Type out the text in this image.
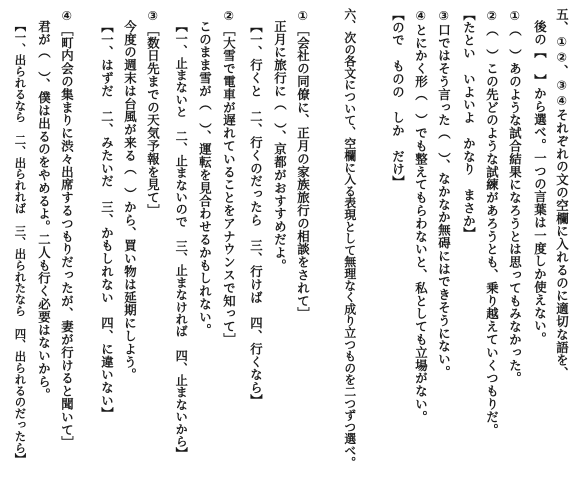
五、①②、③④それぞれの文の空欄に入れるのに適切な語を、
後の【 】から選べ。一つの言葉は一度しか使えない。
①（　）あのような試合結果になろうとは思ってもみなかった。
②（　）この先どのような試練があろうとも、乗り越えていくつもりだ。
【たとい　いよいよ　かなり　まさか】
③口ではそう言った（　）、なかなか無碍にはできそうにない。
④とにかく形（　）でも整えてもらわないと、私としても立場がない。
【ので　ものの　しか　だけ】
六、次の各文について、空欄に入る表現として無理なく成り立つものを二つずつ選べ。
①［会社の同僚に、正月の家族旅行の相談をされて］
正月に旅行に（　）、京都がおすすめだよ。
【一、行くと　二、行くのだったら　三、行けば　四、行くなら】
②［大雪で電車が遅れていることをアナウンスで知って］
このまま雪が（　）、運転を見合わせるかもしれない。
【一、止まないと　二、止まないので　三、止まなければ　四、止まないから】
③［数日先までの天気予報を見て］
今度の週末は台風が来る（　）から、買い物は延期にしよう。
【一、はずだ　二、みたいだ　三、かもしれない　四、に違いない】
④［町内会の集まりに渋々出席するつもりだったが、妻が行けると聞いて］
君が（　）、僕は出るのをやめるよ。二人も行く必要はないから。
【一、出られるなら　二、出られれば　三、出られたなら　四、出られるのだったら】
